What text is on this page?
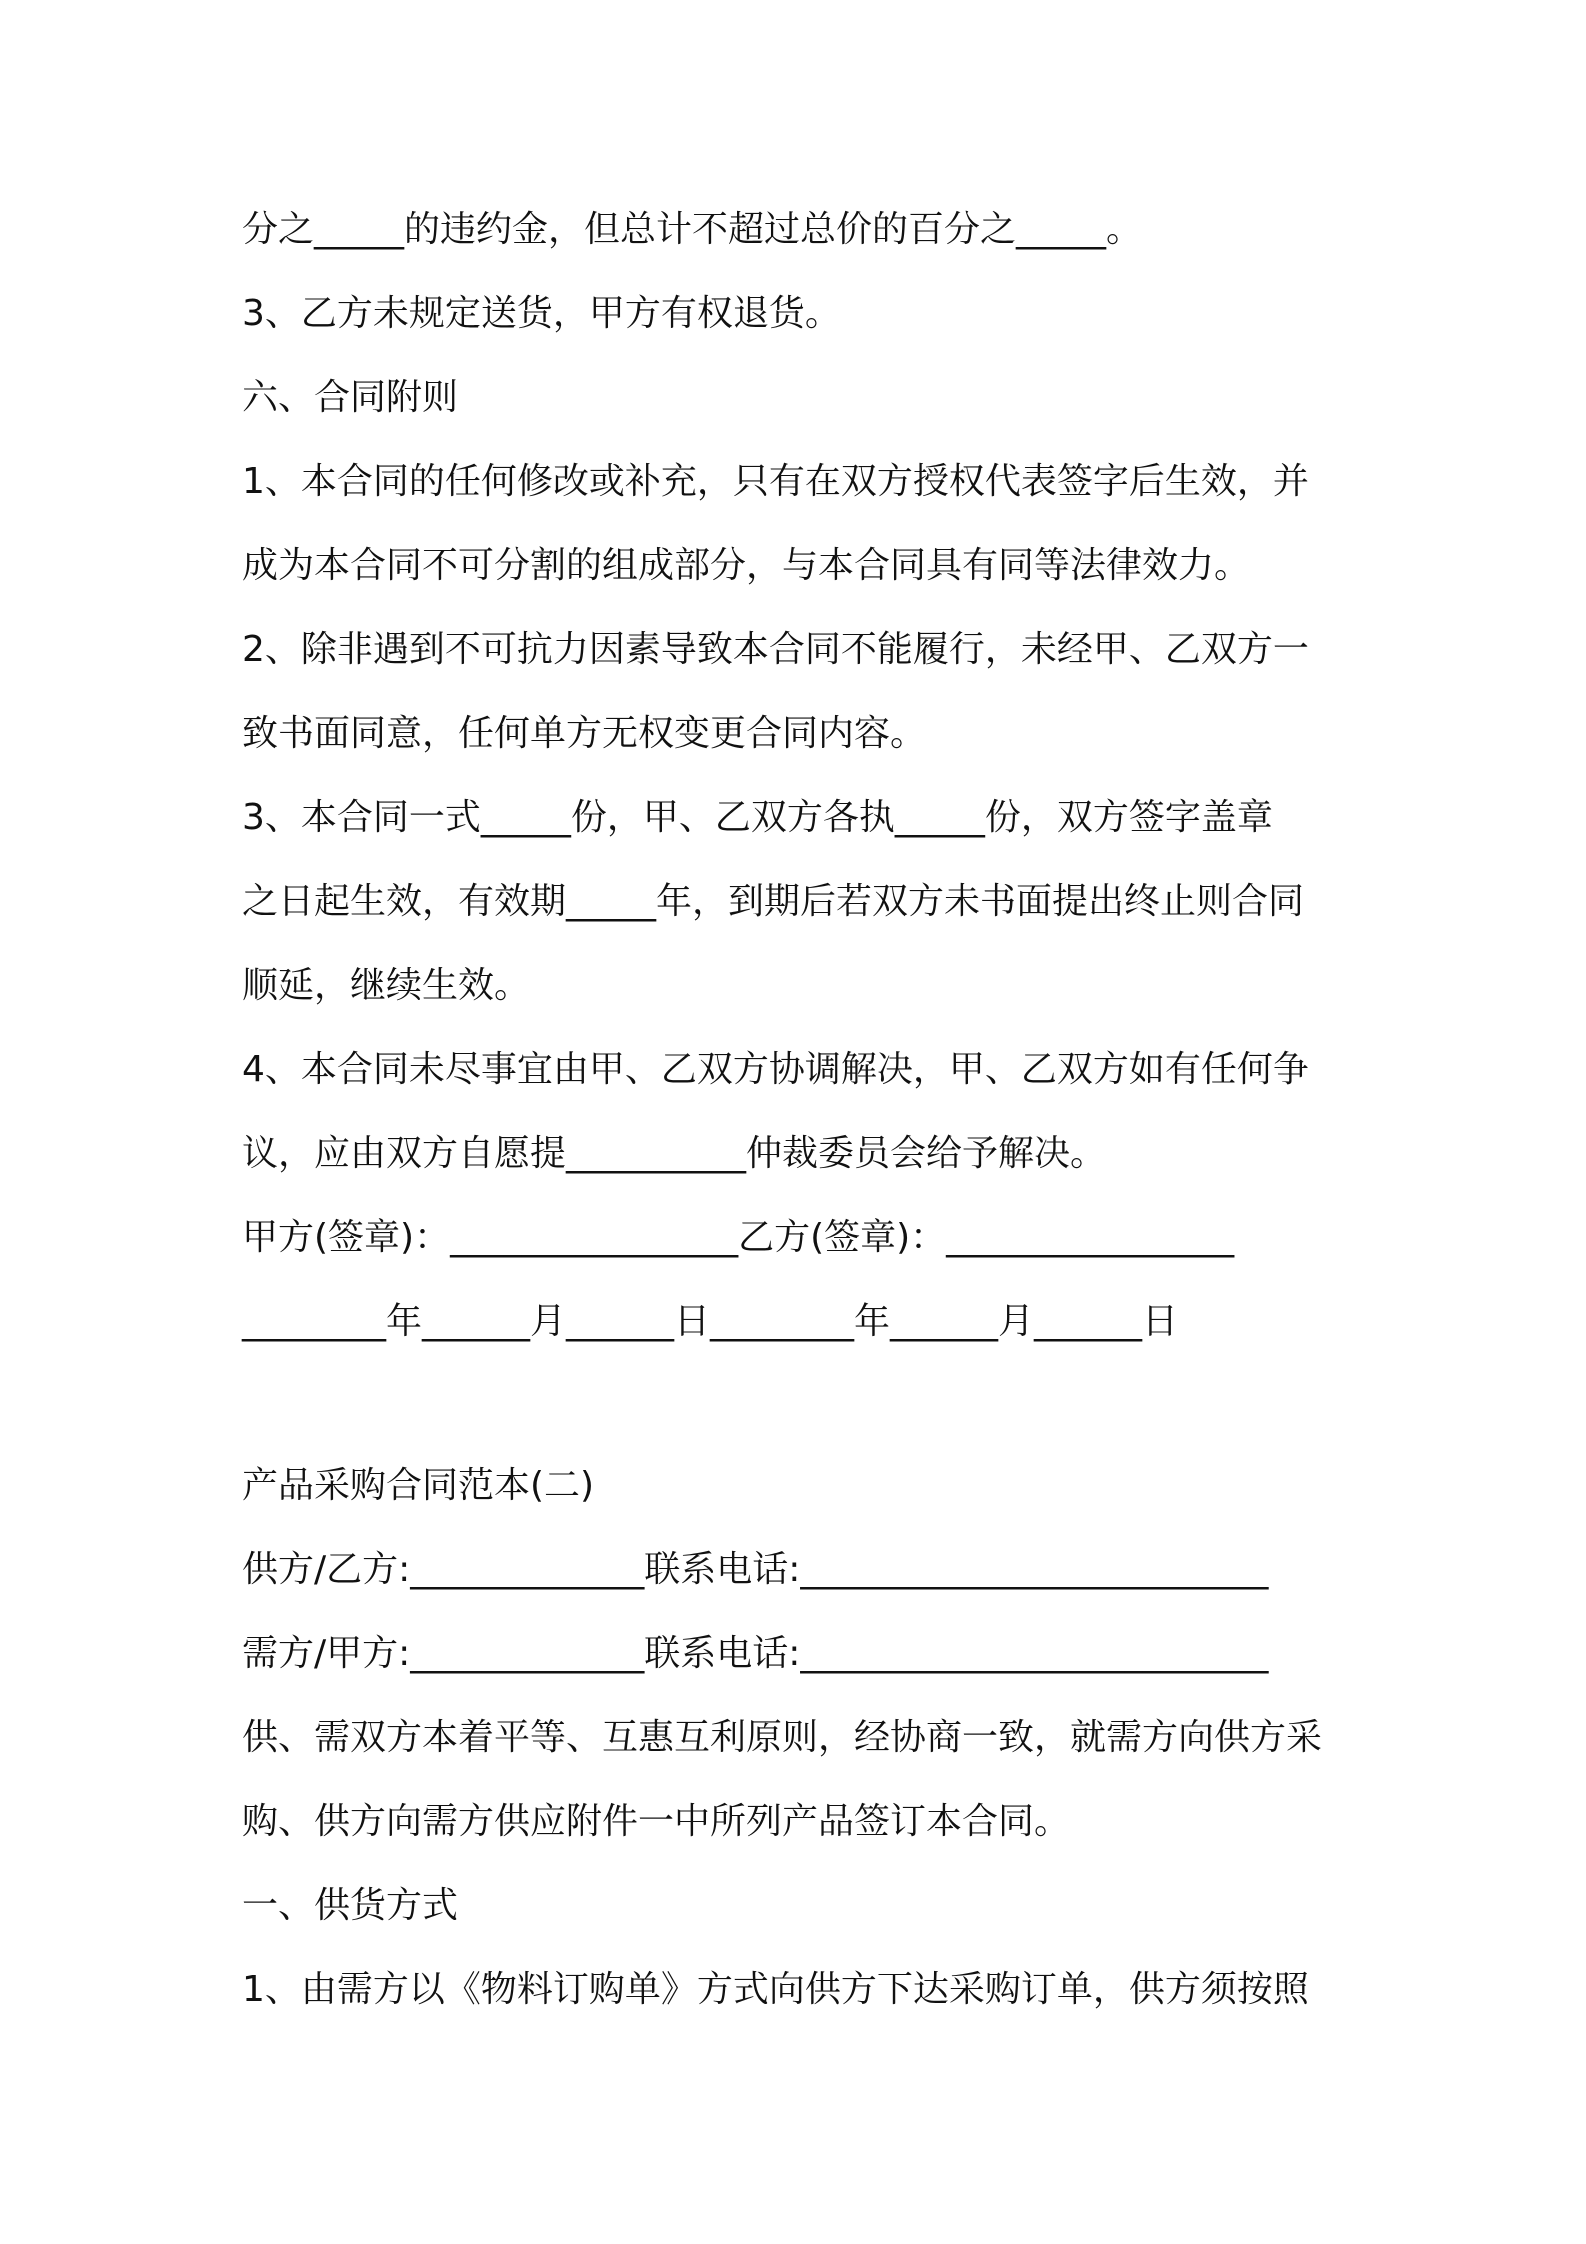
分之_____的违约金，但总计不超过总价的百分之_____。
3、乙方未规定送货，甲方有权退货。
六、合同附则
1、本合同的任何修改或补充，只有在双方授权代表签字后生效，并
成为本合同不可分割的组成部分，与本合同具有同等法律效力。
2、除非遇到不可抗力因素导致本合同不能履行，未经甲、乙双方一
致书面同意，任何单方无权变更合同内容。
3、本合同一式_____份，甲、乙双方各执_____份，双方签字盖章
之日起生效，有效期_____年，到期后若双方未书面提出终止则合同
顺延，继续生效。
4、本合同未尽事宜由甲、乙双方协调解决，甲、乙双方如有任何争
议，应由双方自愿提__________仲裁委员会给予解决。
甲方(签章)：________________乙方(签章)：________________
________年______月______日________年______月______日
产品采购合同范本(二)
供方/乙方:_____________联系电话:__________________________
需方/甲方:_____________联系电话:__________________________
供、需双方本着平等、互惠互利原则，经协商一致，就需方向供方采
购、供方向需方供应附件一中所列产品签订本合同。
一、供货方式
1、由需方以《物料订购单》方式向供方下达采购订单，供方须按照
